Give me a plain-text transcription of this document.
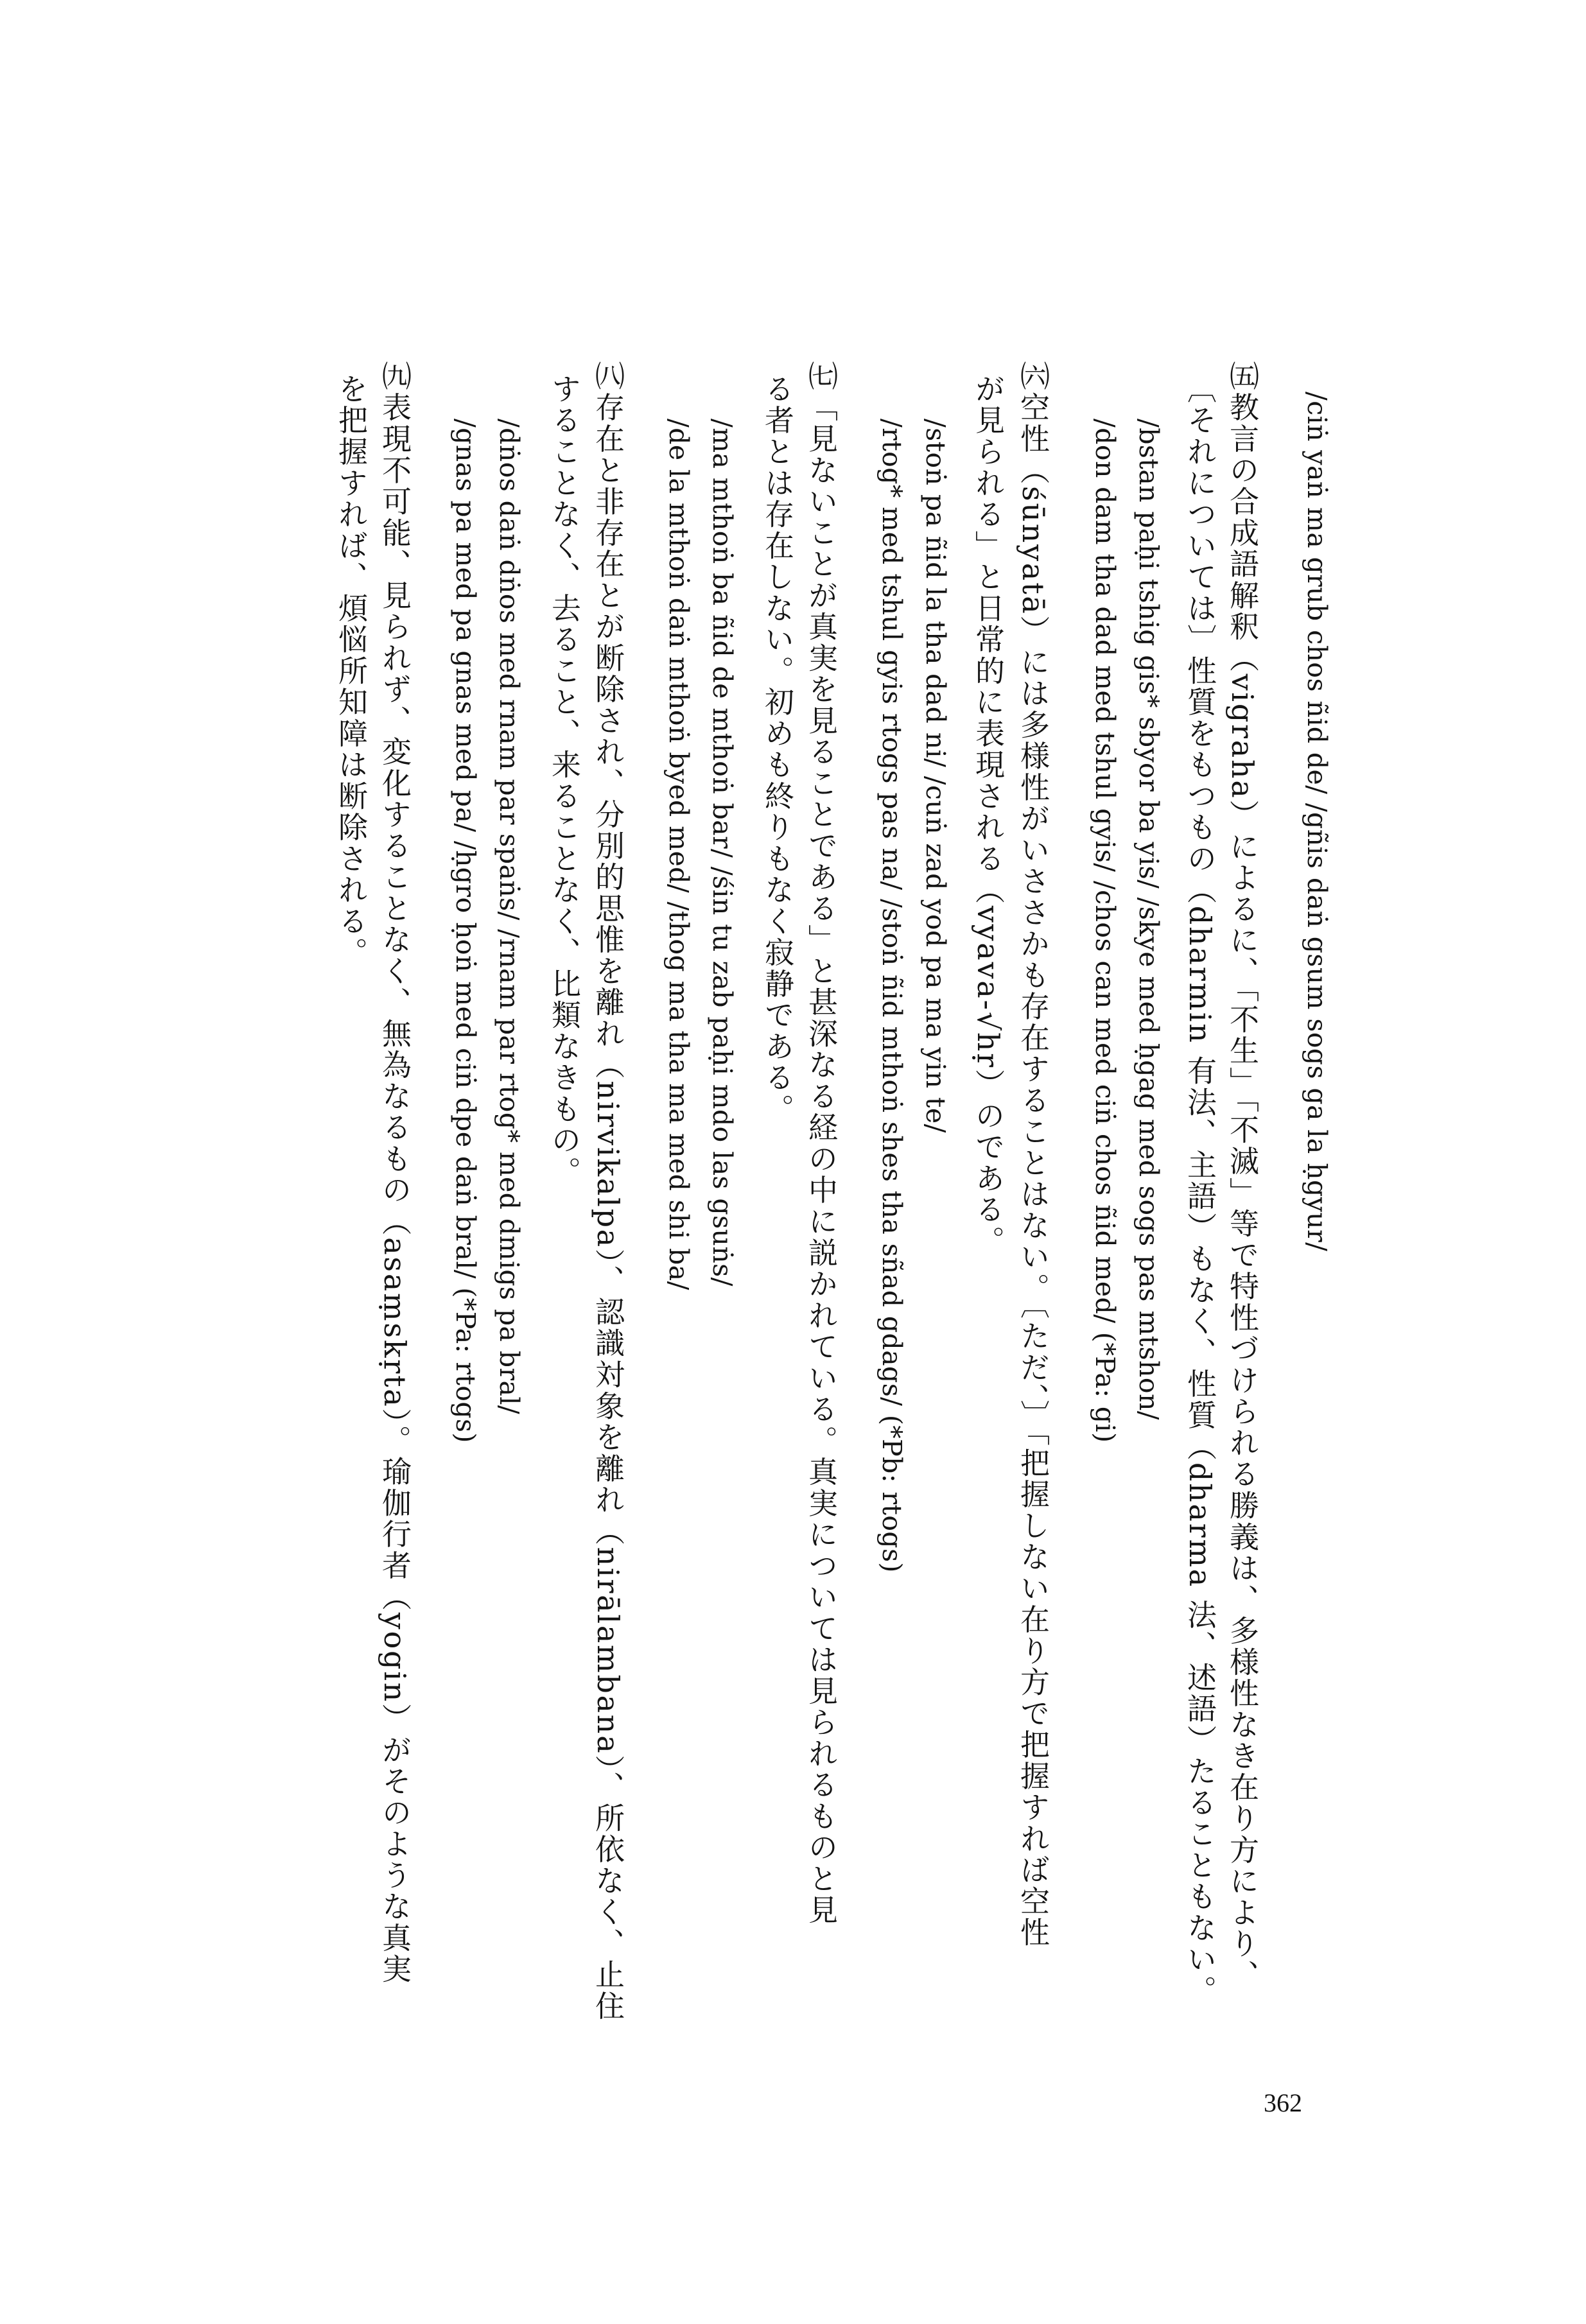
/ciṅ yaṅ ma grub chos ñid de/ /gñis daṅ gsum sogs ga la ḥgyur/
㈤教言の合成語解釈（vigraha）によるに、「不生」「不滅」等で特性づけられる勝義は、多様性なき在り方により、
〔それについては〕性質をもつもの（dharmin 有法、主語）もなく、性質（dharma 法、述語）たることもない。
/bstan paḥi tshig gis* sbyor ba yis/ /skye med ḥgag med sogs pas mtshon/
/don dam tha dad med tshul gyis/ /chos can med ciṅ chos ñid med/ (*Pa: gi)
㈥空性（śūnyatā）には多様性がいささかも存在することはない。〔ただ、〕「把握しない在り方で把握すれば空性
が見られる」と日常的に表現される（vyava-√hṛ）のである。
/stoṅ pa ñid la tha dad ni/ /cuṅ zad yod pa ma yin te/
/rtog* med tshul gyis rtogs pas na/ /stoṅ ñid mthoṅ shes tha sñad gdags/ (*Pb: rtogs)
㈦「見ないことが真実を見ることである」と甚深なる経の中に説かれている。真実については見られるものと見
る者とは存在しない。初めも終りもなく寂静である。
/ma mthoṅ ba ñid de mthoṅ bar/ /śin tu zab paḥi mdo las gsuṅs/
/de la mthoṅ daṅ mthoṅ byed med/ /thog ma tha ma med shi ba/
㈧存在と非存在とが断除され、分別的思惟を離れ（nirvikalpa）、認識対象を離れ（nirālambana）、所依なく、止住
することなく、去ること、来ることなく、比類なきもの。
/dṅos daṅ dṅos med rnam par spaṅs/ /rnam par rtog* med dmigs pa bral/
/gnas pa med pa gnas med pa/ /ḥgro ḥoṅ med ciṅ dpe daṅ bral/ (*Pa: rtogs)
㈨表現不可能、見られず、変化することなく、無為なるもの（asaṃskṛta）。瑜伽行者（yogin）がそのような真実
を把握すれば、煩悩所知障は断除される。
362
